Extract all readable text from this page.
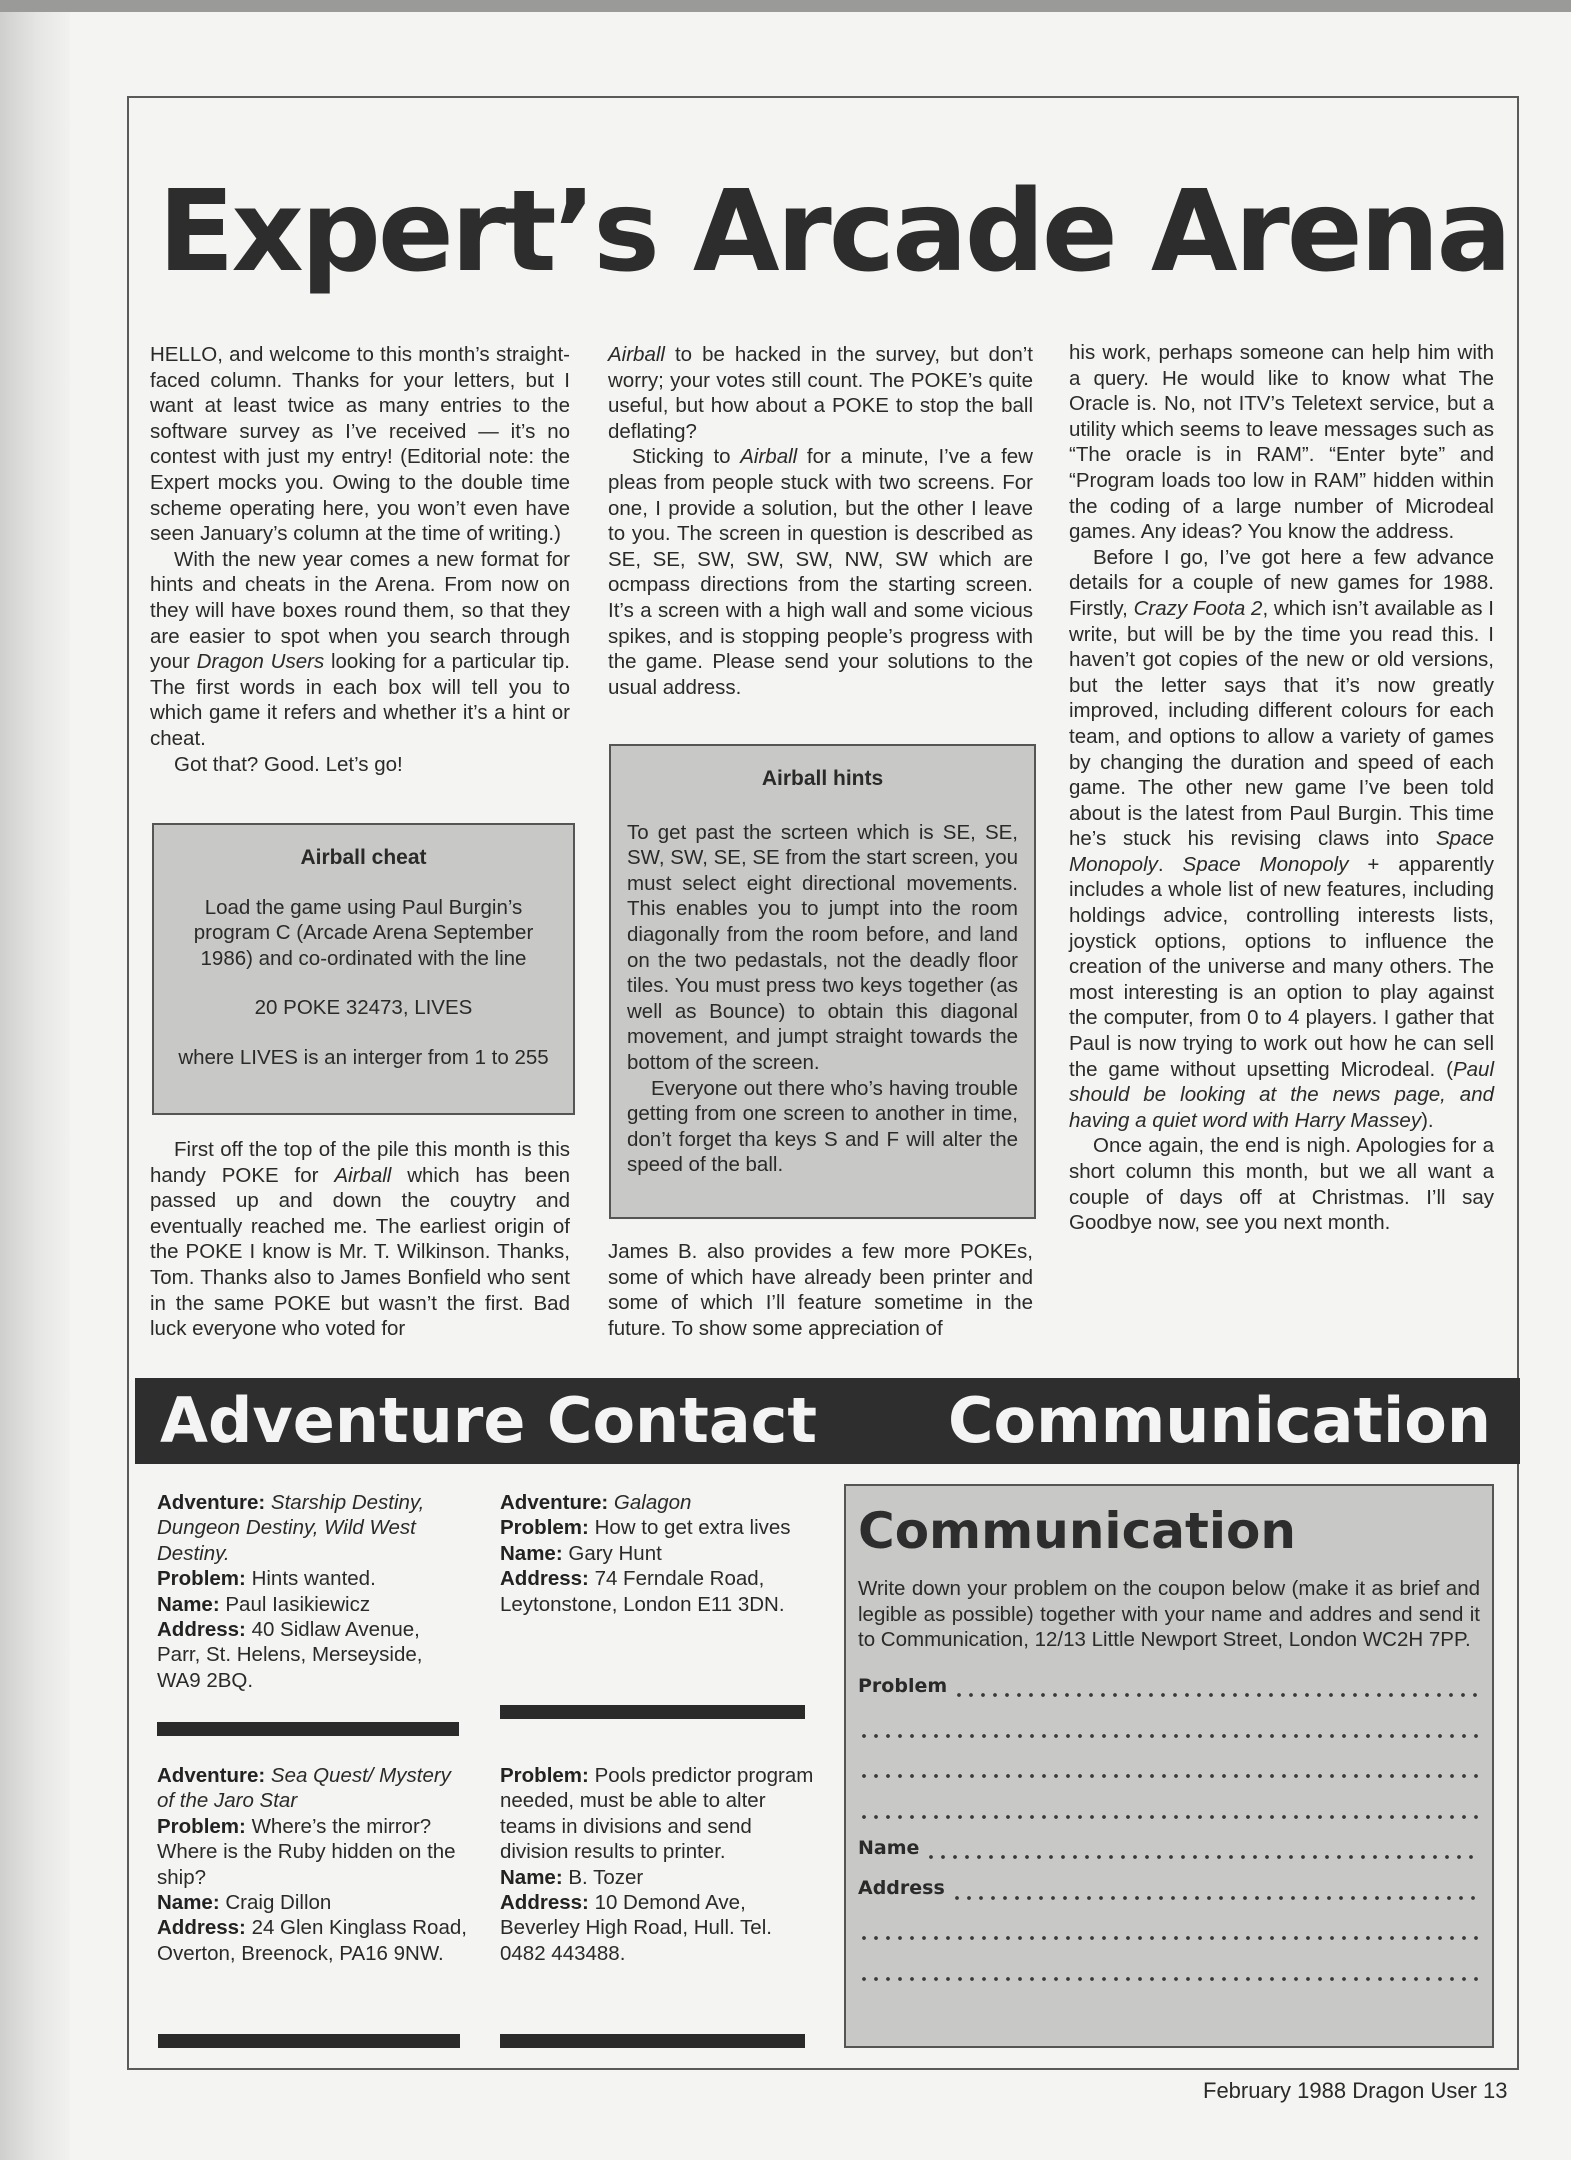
Expert’s Arcade Arena

HELLO, and welcome to this month’s straight-faced column. Thanks for your letters, but I want at least twice as many entries to the software survey as I’ve received — it’s no contest with just my entry! (Editorial note: the Expert mocks you. Owing to the double time scheme operating here, you won’t even have seen January’s column at the time of writing.)

With the new year comes a new format for hints and cheats in the Arena. From now on they will have boxes round them, so that they are easier to spot when you search through your Dragon Users looking for a particular tip. The first words in each box will tell you to which game it refers and whether it’s a hint or cheat.

Got that? Good. Let’s go!

Airball cheat

Load the game using Paul Burgin’s program C (Arcade Arena September 1986) and co-ordinated with the line

20 POKE 32473, LIVES

where LIVES is an interger from 1 to 255

First off the top of the pile this month is this handy POKE for Airball which has been passed up and down the couytry and eventually reached me. The earliest origin of the POKE I know is Mr. T. Wilkinson. Thanks, Tom. Thanks also to James Bonfield who sent in the same POKE but wasn’t the first. Bad luck everyone who voted for

Airball to be hacked in the survey, but don’t worry; your votes still count. The POKE’s quite useful, but how about a POKE to stop the ball deflating?

Sticking to Airball for a minute, I’ve a few pleas from people stuck with two screens. For one, I provide a solution, but the other I leave to you. The screen in question is described as SE, SE, SW, SW, SW, NW, SW which are ocmpass directions from the starting screen. It’s a screen with a high wall and some vicious spikes, and is stopping people’s progress with the game. Please send your solutions to the usual address.

Airball hints

To get past the scrteen which is SE, SE, SW, SW, SE, SE from the start screen, you must select eight directional movements. This enables you to jumpt into the room diagonally from the room before, and land on the two pedastals, not the deadly floor tiles. You must press two keys together (as well as Bounce) to obtain this diagonal movement, and jumpt straight towards the bottom of the screen.

Everyone out there who’s having trouble getting from one screen to another in time, don’t forget tha keys S and F will alter the speed of the ball.

James B. also provides a few more POKEs, some of which have already been printer and some of which I’ll feature sometime in the future. To show some appreciation of

his work, perhaps someone can help him with a query. He would like to know what The Oracle is. No, not ITV’s Teletext service, but a utility which seems to leave messages such as “The oracle is in RAM”. “Enter byte” and “Program loads too low in RAM” hidden within the coding of a large number of Microdeal games. Any ideas? You know the address.

Before I go, I’ve got here a few advance details for a couple of new games for 1988. Firstly, Crazy Foota 2, which isn’t available as I write, but will be by the time you read this. I haven’t got copies of the new or old versions, but the letter says that it’s now greatly improved, including different colours for each team, and options to allow a variety of games by changing the duration and speed of each game. The other new game I’ve been told about is the latest from Paul Burgin. This time he’s stuck his revising claws into Space Monopoly. Space Monopoly + apparently includes a whole list of new features, including holdings advice, controlling interests lists, joystick options, options to influence the creation of the universe and many others. The most interesting is an option to play against the computer, from 0 to 4 players. I gather that Paul is now trying to work out how he can sell the game without upsetting Microdeal. (Paul should be looking at the news page, and having a quiet word with Harry Massey).

Once again, the end is nigh. Apologies for a short column this month, but we all want a couple of days off at Christmas. I’ll say Goodbye now, see you next month.

Adventure Contact Communication

Adventure: Starship Destiny, Dungeon Destiny, Wild West Destiny.

Problem: Hints wanted.

Name: Paul Iasikiewicz

Address: 40 Sidlaw Avenue, Parr, St. Helens, Merseyside, WA9 2BQ.

Adventure: Galagon

Problem: How to get extra lives

Name: Gary Hunt

Address: 74 Ferndale Road, Leytonstone, London E11 3DN.

Adventure: Sea Quest/ Mystery of the Jaro Star

Problem: Where’s the mirror? Where is the Ruby hidden on the ship?

Name: Craig Dillon

Address: 24 Glen Kinglass Road, Overton, Breenock, PA16 9NW.

Problem: Pools predictor program needed, must be able to alter teams in divisions and send division results to printer.

Name: B. Tozer

Address: 10 Demond Ave, Beverley High Road, Hull. Tel. 0482 443488.

Communication

Write down your problem on the coupon below (make it as brief and legible as possible) together with your name and addres and send it to Communication, 12/13 Little Newport Street, London WC2H 7PP.

Problem
Name
Address
February 1988 Dragon User 13
